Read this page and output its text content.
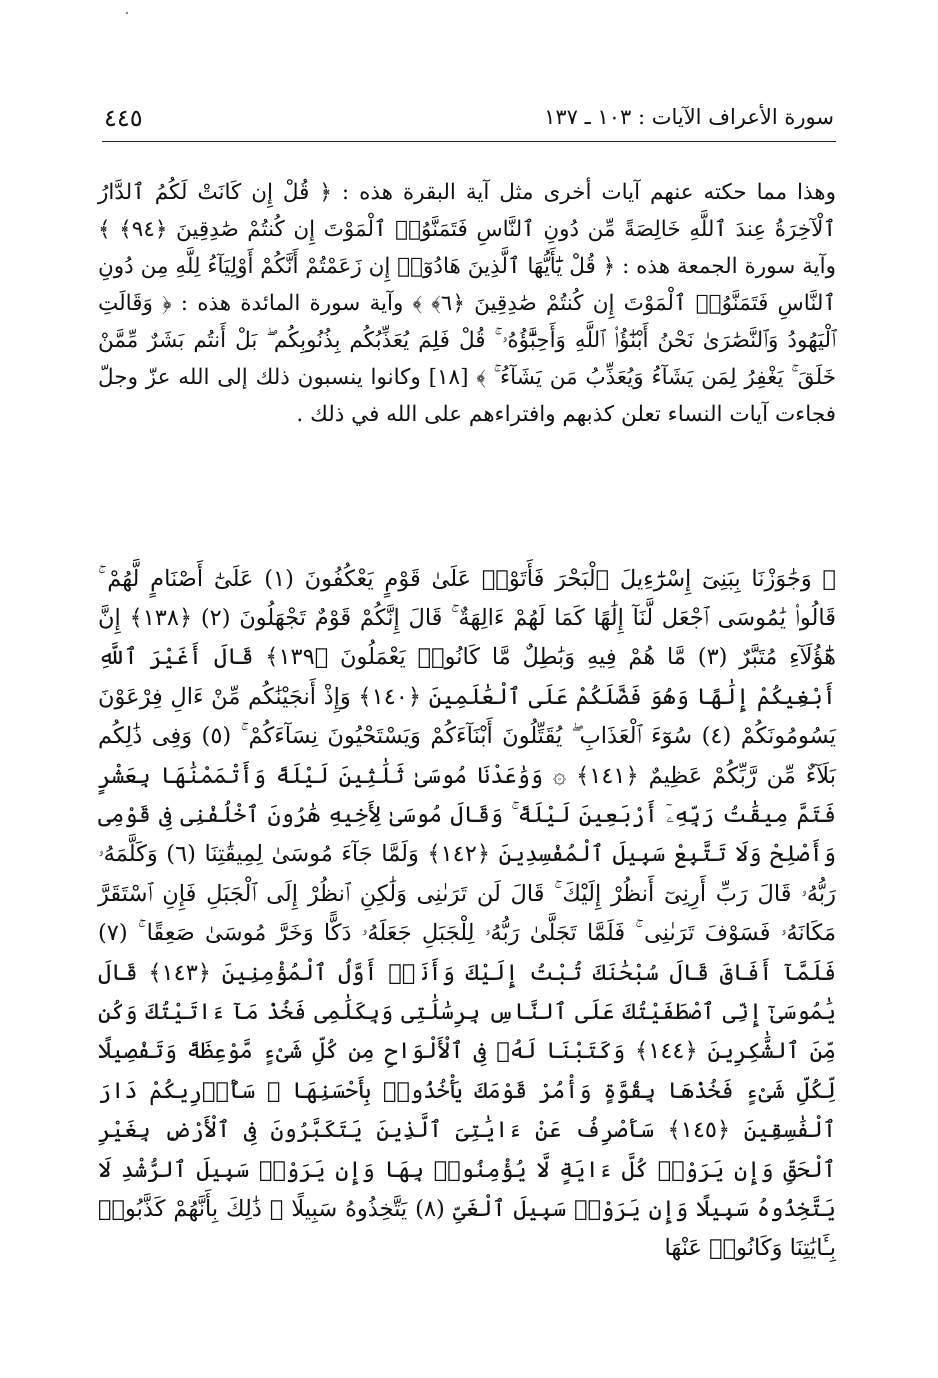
سورة الأعراف الآيات : ١٠٣ ـ ١٣٧
٤٤٥

وهذا مما حكته عنهم آيات أخرى مثل آية البقرة هذه : ﴿ قُلْ إِن كَانَتْ لَكُمُ ٱلدَّارُ ٱلْآخِرَةُ عِندَ ٱللَّهِ خَالِصَةً مِّن دُونِ ٱلنَّاسِ فَتَمَنَّوُا۟ ٱلْمَوْتَ إِن كُنتُمْ صَٰدِقِينَ ﴿٩٤﴾ ﴾ وآية سورة الجمعة هذه : ﴿ قُلْ يَٰٓأَيُّهَا ٱلَّذِينَ هَادُوٓا۟ إِن زَعَمْتُمْ أَنَّكُمْ أَوْلِيَآءُ لِلَّهِ مِن دُونِ ٱلنَّاسِ فَتَمَنَّوُا۟ ٱلْمَوْتَ إِن كُنتُمْ صَٰدِقِينَ ﴿٦﴾ ﴾ وآية سورة المائدة هذه : ﴿ وَقَالَتِ ٱلْيَهُودُ وَٱلنَّصَٰرَىٰ نَحْنُ أَبْنَٰٓؤُا۟ ٱللَّهِ وَأَحِبَّٰٓؤُهُۥ ۚ قُلْ فَلِمَ يُعَذِّبُكُم بِذُنُوبِكُم ۖ بَلْ أَنتُم بَشَرٌ مِّمَّنْ خَلَقَ ۚ يَغْفِرُ لِمَن يَشَآءُ وَيُعَذِّبُ مَن يَشَآءُ ۚ ﴾ [١٨] وكانوا ينسبون ذلك إلى الله عزّ وجلّ فجاءت آيات النساء تعلن كذبهم وافتراءهم على الله في ذلك .

﴿ وَجَٰوَزْنَا بِبَنِىٓ إِسْرَٰٓءِيلَ ٱلْبَحْرَ فَأَتَوْا۟ عَلَىٰ قَوْمٍ يَعْكُفُونَ (١) عَلَىٰٓ أَصْنَامٍ لَّهُمْ ۚ قَالُوا۟ يَٰمُوسَى ٱجْعَل لَّنَآ إِلَٰهًا كَمَا لَهُمْ ءَالِهَةٌ ۚ قَالَ إِنَّكُمْ قَوْمٌ تَجْهَلُونَ (٢) ﴿١٣٨﴾ إِنَّ هَٰٓؤُلَآءِ مُتَبَّرٌ (٣) مَّا هُمْ فِيهِ وَبَٰطِلٌ مَّا كَانُوا۟ يَعْمَلُونَ ﴿١٣٩﴾ قَالَ أَغَيْرَ ٱللَّهِ أَبْغِيكُمْ إِلَٰهًا وَهُوَ فَضَّلَكُمْ عَلَى ٱلْعَٰلَمِينَ ﴿١٤٠﴾ وَإِذْ أَنجَيْنَٰكُم مِّنْ ءَالِ فِرْعَوْنَ يَسُومُونَكُمْ (٤) سُوٓءَ ٱلْعَذَابِ ۖ يُقَتِّلُونَ أَبْنَآءَكُمْ وَيَسْتَحْيُونَ نِسَآءَكُمْ ۚ (٥) وَفِى ذَٰلِكُم بَلَآءٌ مِّن رَّبِّكُمْ عَظِيمٌ ﴿١٤١﴾ ۞ وَوَٰعَدْنَا مُوسَىٰ ثَلَٰثِينَ لَيْلَةً وَأَتْمَمْنَٰهَا بِعَشْرٍ فَتَمَّ مِيقَٰتُ رَبِّهِۦٓ أَرْبَعِينَ لَيْلَةً ۚ وَقَالَ مُوسَىٰ لِأَخِيهِ هَٰرُونَ ٱخْلُفْنِى فِى قَوْمِى وَأَصْلِحْ وَلَا تَتَّبِعْ سَبِيلَ ٱلْمُفْسِدِينَ ﴿١٤٢﴾ وَلَمَّا جَآءَ مُوسَىٰ لِمِيقَٰتِنَا (٦) وَكَلَّمَهُۥ رَبُّهُۥ قَالَ رَبِّ أَرِنِىٓ أَنظُرْ إِلَيْكَ ۚ قَالَ لَن تَرَىٰنِى وَلَٰكِنِ ٱنظُرْ إِلَى ٱلْجَبَلِ فَإِنِ ٱسْتَقَرَّ مَكَانَهُۥ فَسَوْفَ تَرَىٰنِى ۚ فَلَمَّا تَجَلَّىٰ رَبُّهُۥ لِلْجَبَلِ جَعَلَهُۥ دَكًّا وَخَرَّ مُوسَىٰ صَعِقًا ۚ (٧) فَلَمَّآ أَفَاقَ قَالَ سُبْحَٰنَكَ تُبْتُ إِلَيْكَ وَأَنَا۠ أَوَّلُ ٱلْمُؤْمِنِينَ ﴿١٤٣﴾ قَالَ يَٰمُوسَىٰٓ إِنِّى ٱصْطَفَيْتُكَ عَلَى ٱلنَّاسِ بِرِسَٰلَٰتِى وَبِكَلَٰمِى فَخُذْ مَآ ءَاتَيْتُكَ وَكُن مِّنَ ٱلشَّٰكِرِينَ ﴿١٤٤﴾ وَكَتَبْنَا لَهُۥ فِى ٱلْأَلْوَاحِ مِن كُلِّ شَىْءٍ مَّوْعِظَةً وَتَفْصِيلًا لِّكُلِّ شَىْءٍ فَخُذْهَا بِقُوَّةٍ وَأْمُرْ قَوْمَكَ يَأْخُذُوا۟ بِأَحْسَنِهَا ۚ سَأُو۟رِيكُمْ دَارَ ٱلْفَٰسِقِينَ ﴿١٤٥﴾ سَأَصْرِفُ عَنْ ءَايَٰتِىَ ٱلَّذِينَ يَتَكَبَّرُونَ فِى ٱلْأَرْضِ بِغَيْرِ ٱلْحَقِّ وَإِن يَرَوْا۟ كُلَّ ءَايَةٍ لَّا يُؤْمِنُوا۟ بِهَا وَإِن يَرَوْا۟ سَبِيلَ ٱلرُّشْدِ لَا يَتَّخِذُوهُ سَبِيلًا وَإِن يَرَوْا۟ سَبِيلَ ٱلْغَىِّ (٨) يَتَّخِذُوهُ سَبِيلًا ۚ ذَٰلِكَ بِأَنَّهُمْ كَذَّبُوا۟ بِـَٔايَٰتِنَا وَكَانُوا۟ عَنْهَا
